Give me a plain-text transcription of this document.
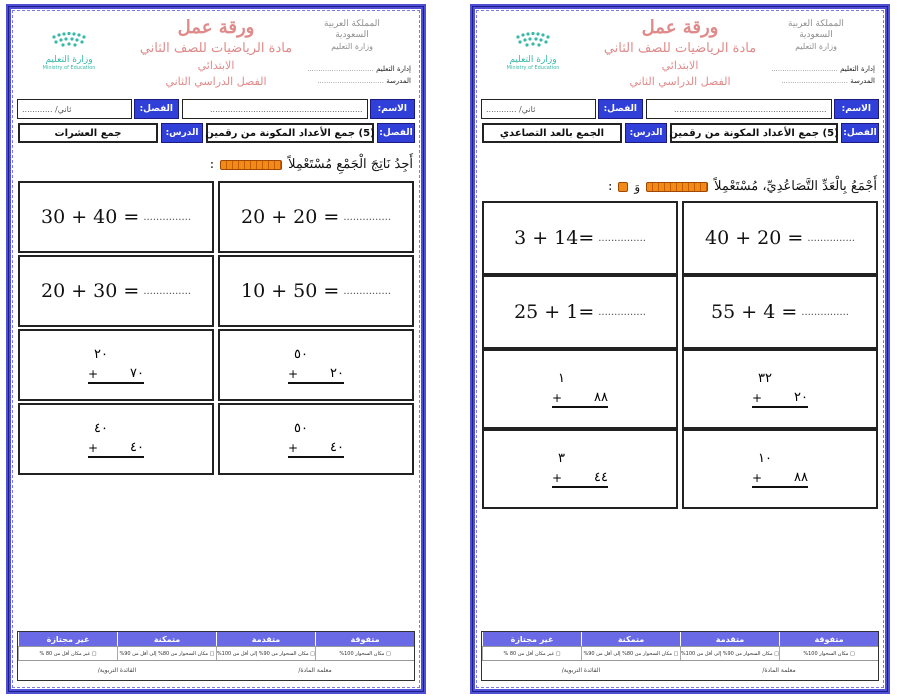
ورقة عمل
مادة الرياضيات للصف الثاني
الابتدائي
الفصل الدراسي الثاني
المملكة العربية السعودية
وزارة التعليم
إدارة التعليم ..............................
المدرسة ..............................
وزارة التعليم
Ministry of Education
الاسم:
............................................................
الفصل:
ثاني/ ............
الفصل:
(5) جمع الأعداد المكونة من رقمين
الدرس:
جمع العشرات
أَجِدُ نَاتِجَ الْجَمْعِ مُسْتَعْمِلاً
:
20 + 20 = ...............
30 + 40 = ...............
10 + 50 = ...............
20 + 30 = ...............
٥٠
+ ٢٠
٢٠
+ ٧٠
٥٠
+ ٤٠
٤٠
+ ٤٠
متفوقة
متقدمة
متمكنة
غير مجتازة
□ مكان السحوار 100%
□ مكان السحوار من 90% إلى أقل من 100%
□ مكان السحوار من 80% إلى أقل من 90%
□ غير مكان أقل من 80 %
معلمة المادة/
القائدة التربوية/
ورقة عمل
مادة الرياضيات للصف الثاني
الابتدائي
الفصل الدراسي الثاني
المملكة العربية السعودية
وزارة التعليم
إدارة التعليم ..............................
المدرسة ..............................
وزارة التعليم
Ministry of Education
الاسم:
............................................................
الفصل:
ثاني/ ............
الفصل:
(5) جمع الأعداد المكونة من رقمين
الدرس:
الجمع بالعد التصاعدي
أَجْمَعُ بِالْعَدِّ التَّصَاعُدِيِّ، مُسْتَعْمِلاً
وَ
:
40 + 20 = ...............
3 + 14= ...............
55 + 4 = ...............
25 + 1= ...............
٣٢
+ ٢٠
١
+ ٨٨
١٠
+ ٨٨
٣
+ ٤٤
متفوقة
متقدمة
متمكنة
غير مجتازة
□ مكان السحوار 100%
□ مكان السحوار من 90% إلى أقل من 100%
□ مكان السحوار من 80% إلى أقل من 90%
□ غير مكان أقل من 80 %
معلمة المادة/
القائدة التربوية/
